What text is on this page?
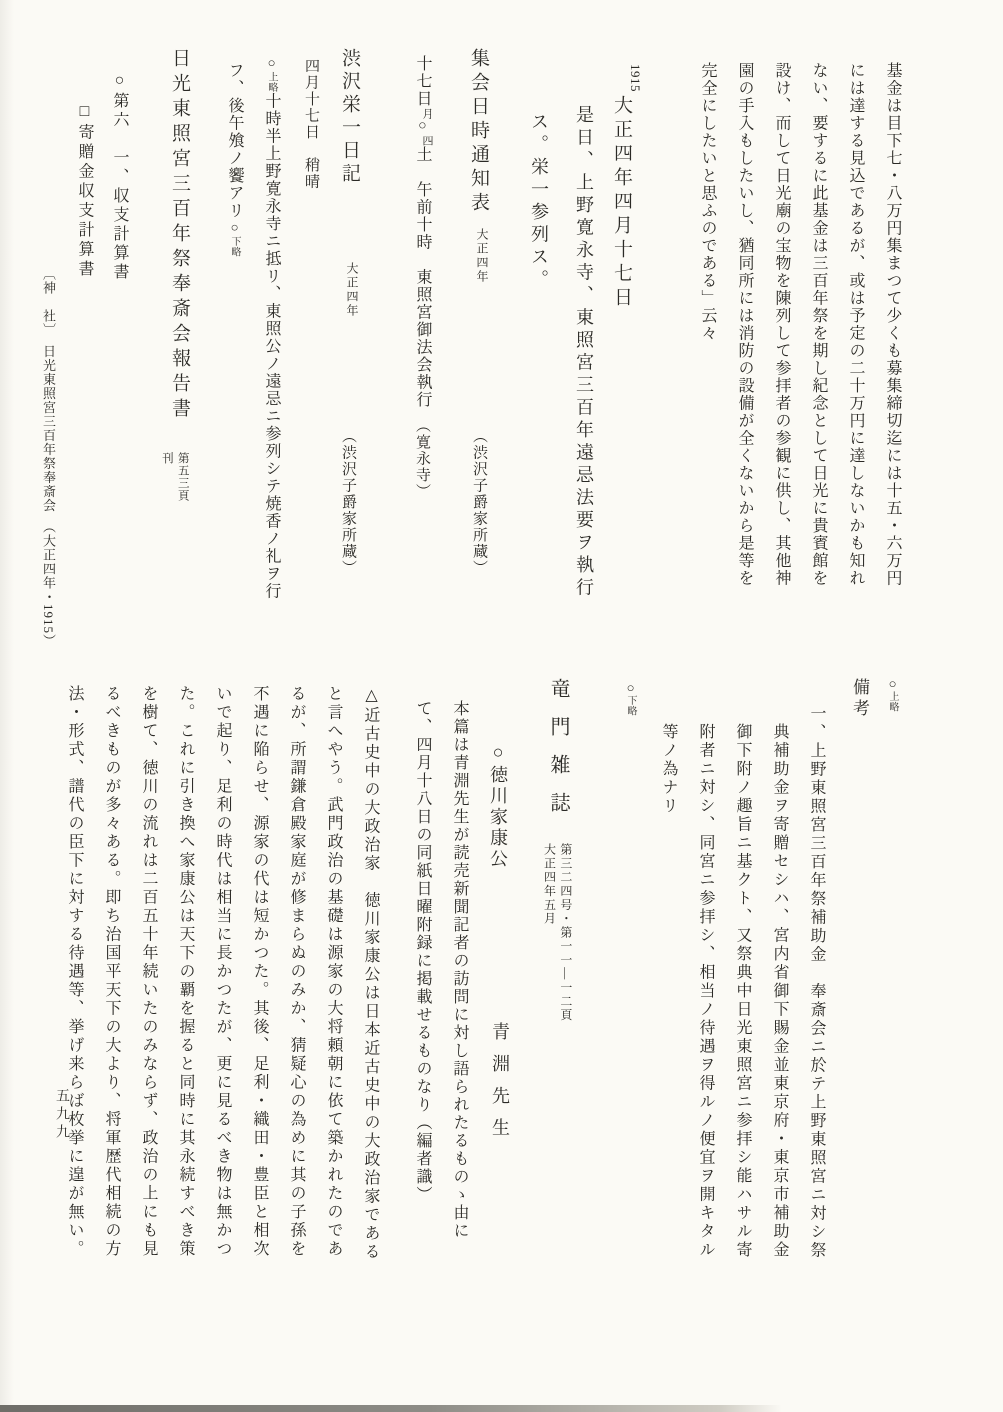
基金は目下七・八万円集まつて少くも募集締切迄には十五・六万円
には達する見込であるが、或は予定の二十万円に達しないかも知れ
ない、要するに此基金は三百年祭を期し紀念として日光に貴賓館を
設け、而して日光廟の宝物を陳列して参拝者の参観に供し、其他神
園の手入もしたいし、猶同所には消防の設備が全くないから是等を
完全にしたいと思ふのである」云々
1915
大正四年四月十七日
是日、上野寛永寺、東照宮三百年遠忌法要ヲ執行
ス。栄一参列ス。
集会日時通知表
大正四年
（渋沢子爵家所蔵）
十七日月○四土　午前十時　東照宮御法会執行（寛永寺）
渋沢栄一日記
大正四年
（渋沢子爵家所蔵）
四月十七日　稍晴
○上略十時半上野寛永寺ニ抵リ、東照公ノ遠忌ニ参列シテ焼香ノ礼ヲ行
フ、後午飧ノ饗アリ○下略
日光東照宮三百年祭奉斎会報告書
第五三頁
刊
○第六　一、収支計算書
□寄贈金収支計算書
〔神　社〕　日光東照宮三百年祭奉斎会　（大正四年・1915）
○上略
備考
一、上野東照宮三百年祭補助金　奉斎会ニ於テ上野東照宮ニ対シ祭
典補助金ヲ寄贈セシハ、宮内省御下賜金並東京府・東京市補助金
御下附ノ趣旨ニ基クト、又祭典中日光東照宮ニ参拝シ能ハサル寄
附者ニ対シ、同宮ニ参拝シ、相当ノ待遇ヲ得ルノ便宜ヲ開キタル
等ノ為ナリ
○下略
竜門雑誌
第三二四号・第一一―一二頁
大正四年五月
○徳川家康公
青淵先生
本篇は青淵先生が読売新聞記者の訪問に対し語られたるものゝ由に
て、四月十八日の同紙日曜附録に掲載せるものなり（編者識）
△近古史中の大政治家　徳川家康公は日本近古史中の大政治家である
と言へやう。武門政治の基礎は源家の大将頼朝に依て築かれたのであ
るが、所謂鎌倉殿家庭が修まらぬのみか、猜疑心の為めに其の子孫を
不遇に陥らせ、源家の代は短かつた。其後、足利・織田・豊臣と相次
いで起り、足利の時代は相当に長かつたが、更に見るべき物は無かつ
た。これに引き換へ家康公は天下の覇を握ると同時に其永続すべき策
を樹て、徳川の流れは二百五十年続いたのみならず、政治の上にも見
るべきものが多々ある。即ち治国平天下の大より、将軍歴代相続の方
法・形式、譜代の臣下に対する待遇等、挙げ来らば枚挙に遑が無い。
五九九
